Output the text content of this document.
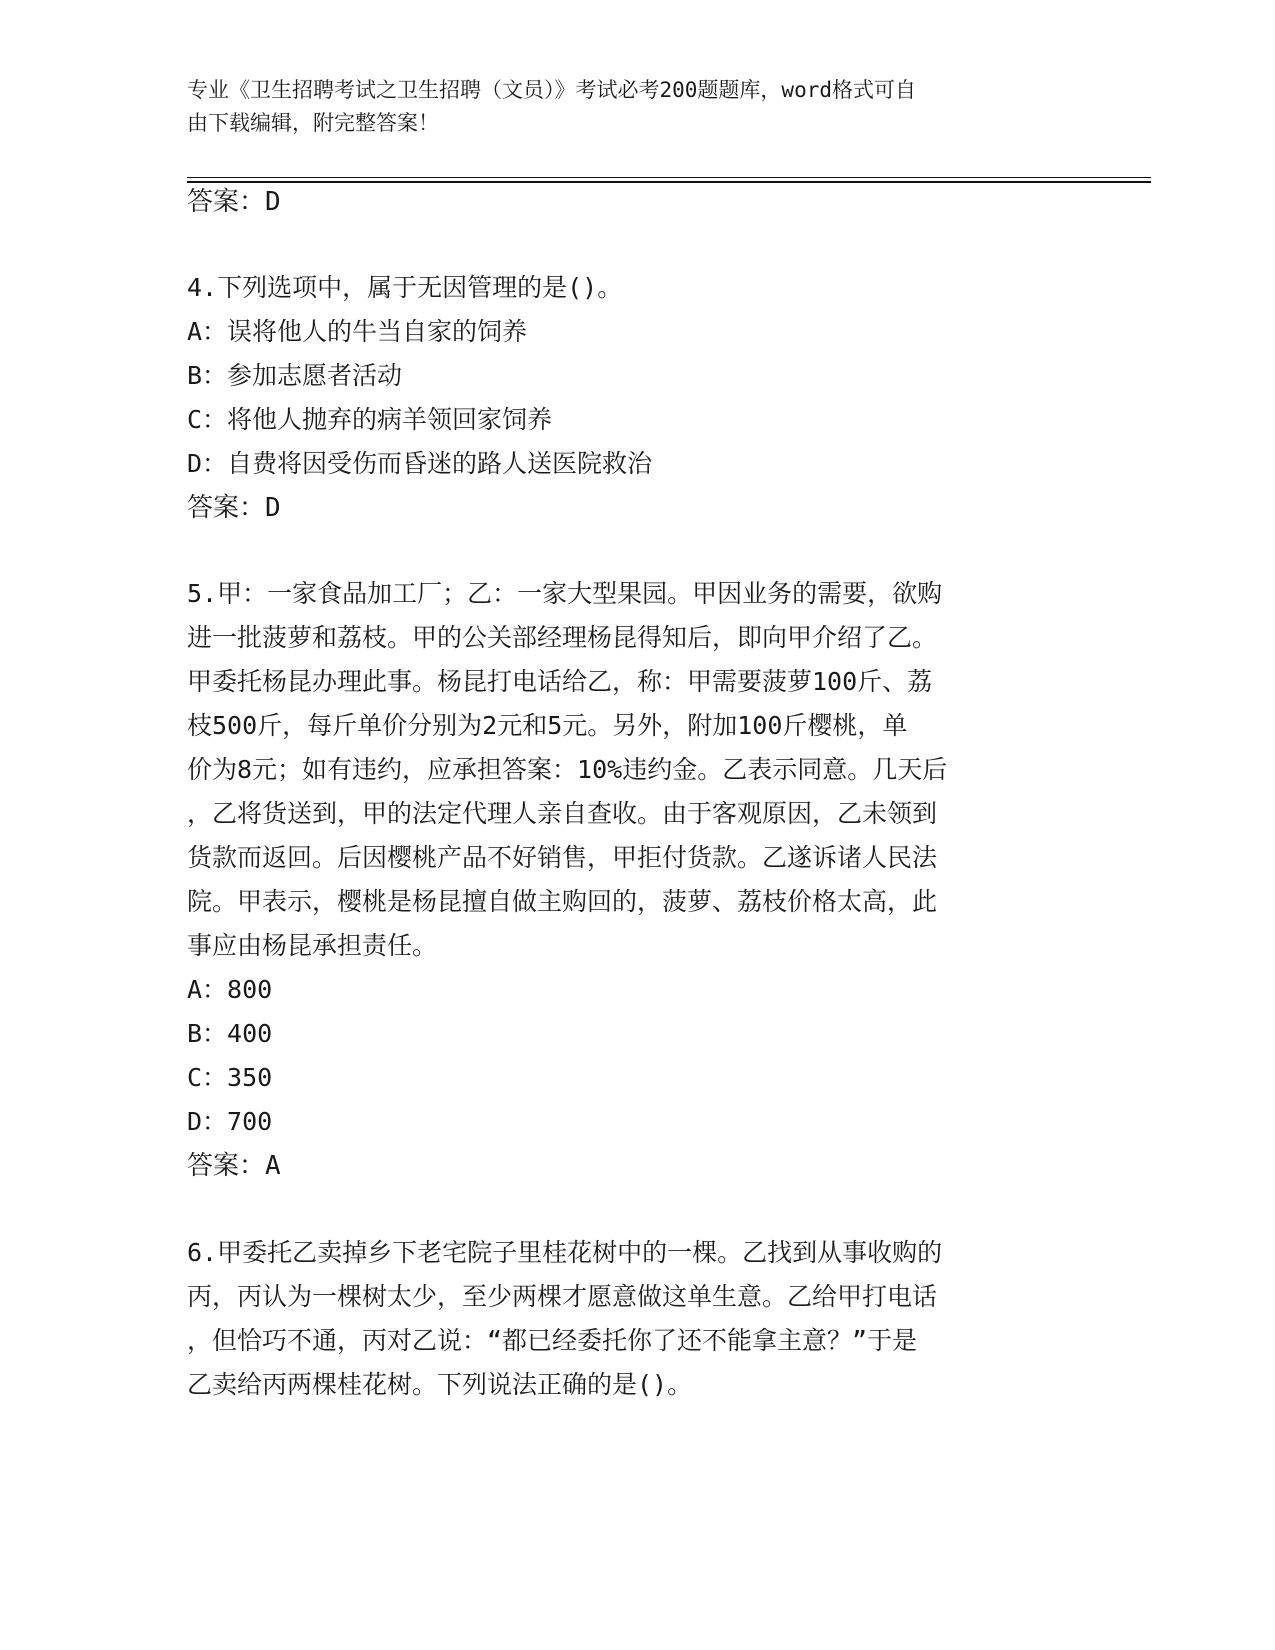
专业《卫生招聘考试之卫生招聘（文员）》考试必考200题题库，word格式可自
由下载编辑，附完整答案！
答案：D
4.下列选项中，属于无因管理的是()。
A：误将他人的牛当自家的饲养
B：参加志愿者活动
C：将他人抛弃的病羊领回家饲养
D：自费将因受伤而昏迷的路人送医院救治
答案：D
5.甲：一家食品加工厂；乙：一家大型果园。甲因业务的需要，欲购
进一批菠萝和荔枝。甲的公关部经理杨昆得知后，即向甲介绍了乙。
甲委托杨昆办理此事。杨昆打电话给乙，称：甲需要菠萝100斤、荔
枝500斤，每斤单价分别为2元和5元。另外，附加100斤樱桃，单
价为8元；如有违约，应承担答案：10%违约金。乙表示同意。几天后
，乙将货送到，甲的法定代理人亲自查收。由于客观原因，乙未领到
货款而返回。后因樱桃产品不好销售，甲拒付货款。乙遂诉诸人民法
院。甲表示，樱桃是杨昆擅自做主购回的，菠萝、荔枝价格太高，此
事应由杨昆承担责任。
A：800
B：400
C：350
D：700
答案：A
6.甲委托乙卖掉乡下老宅院子里桂花树中的一棵。乙找到从事收购的
丙，丙认为一棵树太少，至少两棵才愿意做这单生意。乙给甲打电话
，但恰巧不通，丙对乙说：“都已经委托你了还不能拿主意？”于是
乙卖给丙两棵桂花树。下列说法正确的是()。
